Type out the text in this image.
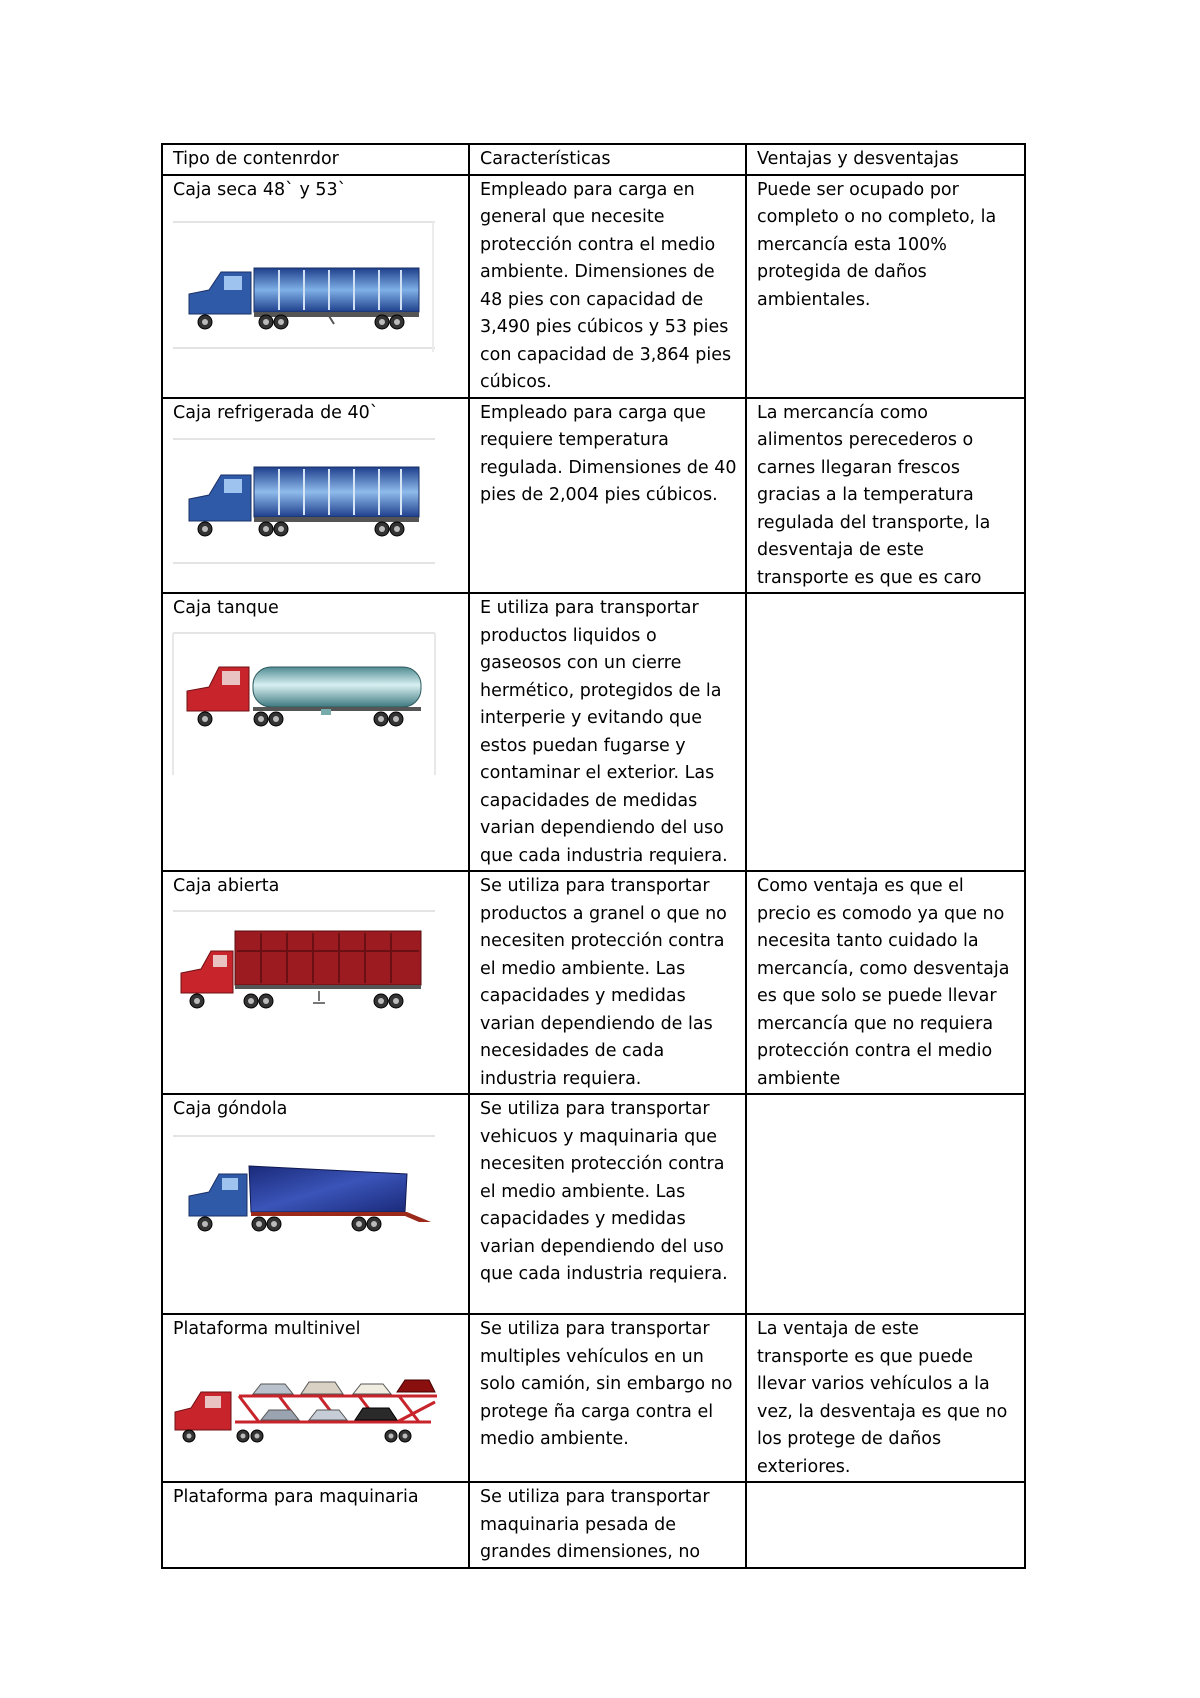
Tipo de contenrdor	Características	Ventajas y desventajas

Caja seca 48` y 53`	Empleado para carga en general que necesite protección contra el medio ambiente. Dimensiones de 48 pies con capacidad de 3,490 pies cúbicos y 53 pies con capacidad de 3,864 pies cúbicos.	Puede ser ocupado por completo o no completo, la mercancía esta 100% protegida de daños ambientales.

Caja refrigerada de 40`	Empleado para carga que requiere temperatura regulada. Dimensiones de 40 pies de 2,004 pies cúbicos.	La mercancía como alimentos perecederos o carnes llegaran frescos gracias a la temperatura regulada del transporte, la desventaja de este transporte es que es caro

Caja tanque	E utiliza para transportar productos liquidos o gaseosos con un cierre hermético, protegidos de la interperie y evitando que estos puedan fugarse y contaminar el exterior. Las capacidades de medidas varian dependiendo del uso que cada industria requiera.	

Caja abierta	Se utiliza para transportar productos a granel o que no necesiten protección contra el medio ambiente. Las capacidades y medidas varian dependiendo de las necesidades de cada industria requiera.	Como ventaja es que el precio es comodo ya que no necesita tanto cuidado la mercancía, como desventaja es que solo se puede llevar mercancía que no requiera protección contra el medio ambiente

Caja góndola	Se utiliza para transportar vehicuos y maquinaria que necesiten protección contra el medio ambiente. Las capacidades y medidas varian dependiendo del uso que cada industria requiera.	

Plataforma multinivel	Se utiliza para transportar multiples vehículos en un solo camión, sin embargo no protege ña carga contra el medio ambiente.	La ventaja de este transporte es que puede llevar varios vehículos a la vez, la desventaja es que no los protege de daños exteriores.
Plataforma para maquinaria	Se utiliza para transportar maquinaria pesada de grandes dimensiones, no	
